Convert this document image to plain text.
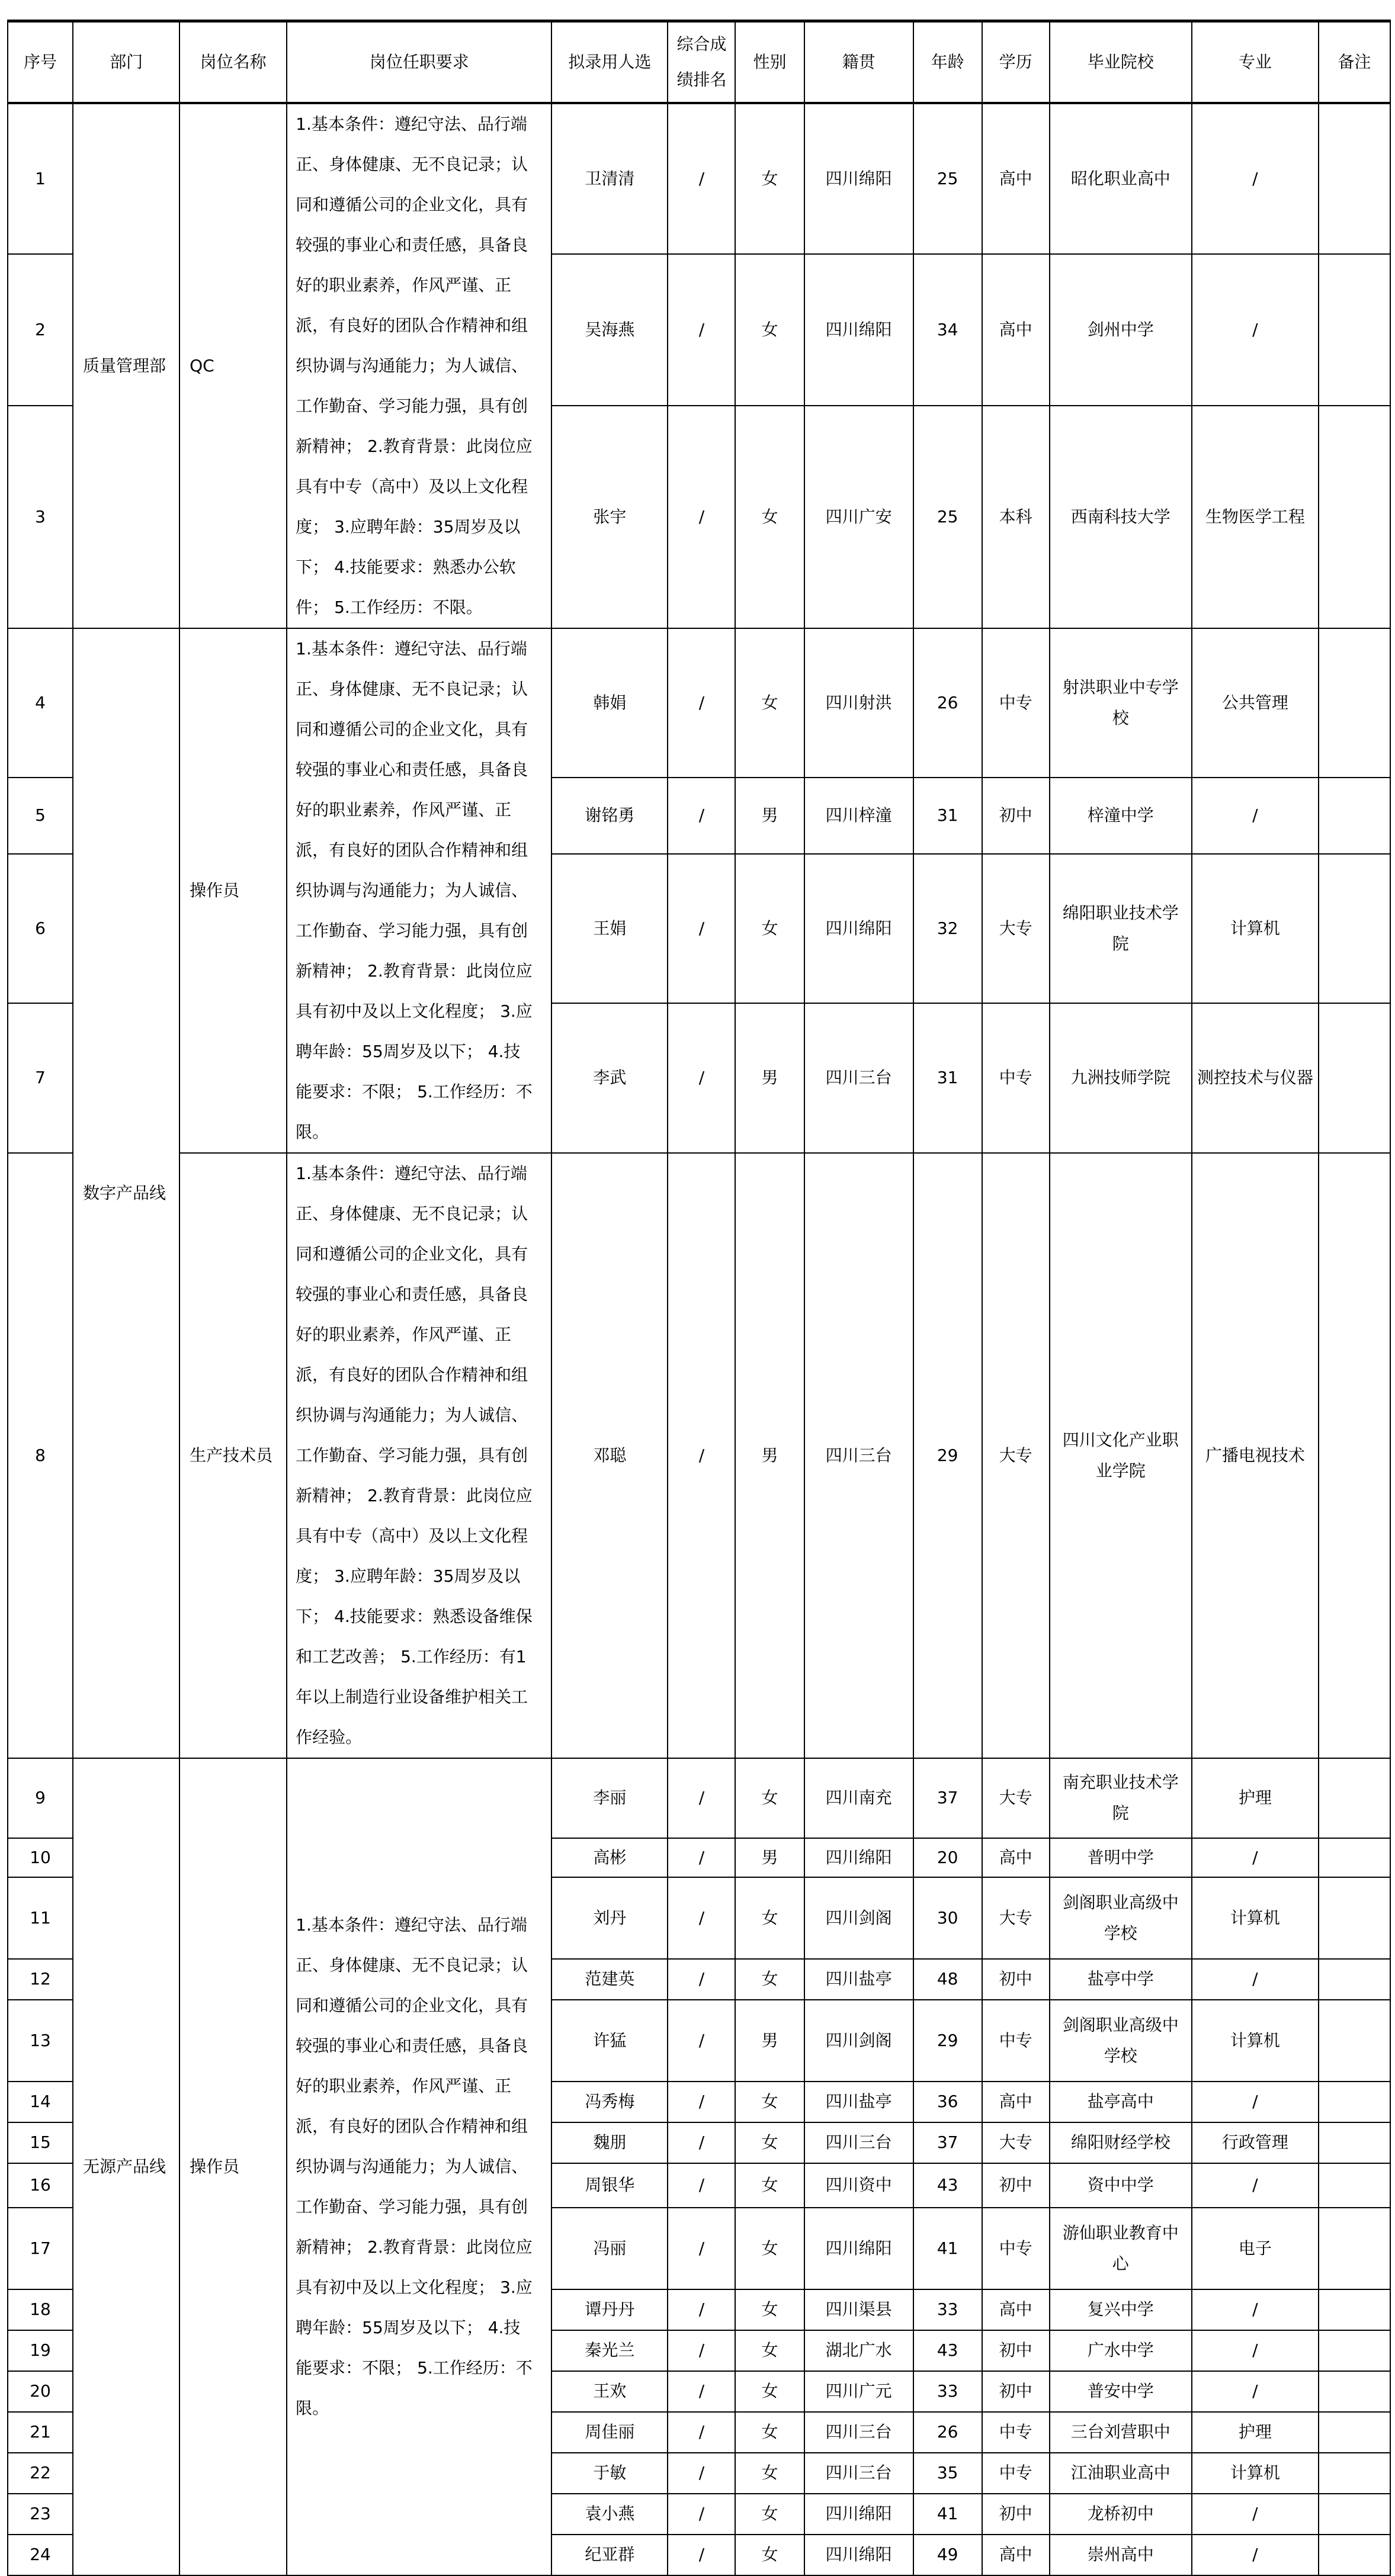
序号	部门	岗位名称	岗位任职要求	拟录用人选	综合成绩排名	性别	籍贯	年龄	学历	毕业院校	专业	备注
1	质量管理部	QC	1.基本条件：遵纪守法、品行端正、身体健康、无不良记录；认同和遵循公司的企业文化，具有较强的事业心和责任感，具备良好的职业素养，作风严谨、正派，有良好的团队合作精神和组织协调与沟通能力；为人诚信、工作勤奋、学习能力强，具有创新精神； 2.教育背景：此岗位应具有中专（高中）及以上文化程度； 3.应聘年龄：35周岁及以下； 4.技能要求：熟悉办公软件； 5.工作经历：不限。	卫清清	/	女	四川绵阳	25	高中	昭化职业高中	/	
2				吴海燕	/	女	四川绵阳	34	高中	剑州中学	/	
3				张宇	/	女	四川广安	25	本科	西南科技大学	生物医学工程	
4	数字产品线	操作员	1.基本条件：遵纪守法、品行端正、身体健康、无不良记录；认同和遵循公司的企业文化，具有较强的事业心和责任感，具备良好的职业素养，作风严谨、正派，有良好的团队合作精神和组织协调与沟通能力；为人诚信、工作勤奋、学习能力强，具有创新精神； 2.教育背景：此岗位应具有初中及以上文化程度； 3.应聘年龄：55周岁及以下； 4.技能要求：不限； 5.工作经历：不限。	韩娟	/	女	四川射洪	26	中专	射洪职业中专学校	公共管理	
5				谢铭勇	/	男	四川梓潼	31	初中	梓潼中学	/	
6				王娟	/	女	四川绵阳	32	大专	绵阳职业技术学院	计算机	
7				李武	/	男	四川三台	31	中专	九洲技师学院	测控技术与仪器	
8		生产技术员	1.基本条件：遵纪守法、品行端正、身体健康、无不良记录；认同和遵循公司的企业文化，具有较强的事业心和责任感，具备良好的职业素养，作风严谨、正派，有良好的团队合作精神和组织协调与沟通能力；为人诚信、工作勤奋、学习能力强，具有创新精神； 2.教育背景：此岗位应具有中专（高中）及以上文化程度； 3.应聘年龄：35周岁及以下； 4.技能要求：熟悉设备维保和工艺改善； 5.工作经历：有1年以上制造行业设备维护相关工作经验。	邓聪	/	男	四川三台	29	大专	四川文化产业职业学院	广播电视技术	
9	无源产品线	操作员	1.基本条件：遵纪守法、品行端正、身体健康、无不良记录；认同和遵循公司的企业文化，具有较强的事业心和责任感，具备良好的职业素养，作风严谨、正派，有良好的团队合作精神和组织协调与沟通能力；为人诚信、工作勤奋、学习能力强，具有创新精神； 2.教育背景：此岗位应具有初中及以上文化程度； 3.应聘年龄：55周岁及以下； 4.技能要求：不限； 5.工作经历：不限。	李丽	/	女	四川南充	37	大专	南充职业技术学院	护理	
10				高彬	/	男	四川绵阳	20	高中	普明中学	/	
11				刘丹	/	女	四川剑阁	30	大专	剑阁职业高级中学校	计算机	
12				范建英	/	女	四川盐亭	48	初中	盐亭中学	/	
13				许猛	/	男	四川剑阁	29	中专	剑阁职业高级中学校	计算机	
14				冯秀梅	/	女	四川盐亭	36	高中	盐亭高中	/	
15				魏朋	/	女	四川三台	37	大专	绵阳财经学校	行政管理	
16				周银华	/	女	四川资中	43	初中	资中中学	/	
17				冯丽	/	女	四川绵阳	41	中专	游仙职业教育中心	电子	
18				谭丹丹	/	女	四川渠县	33	高中	复兴中学	/	
19				秦光兰	/	女	湖北广水	43	初中	广水中学	/	
20				王欢	/	女	四川广元	33	初中	普安中学	/	
21				周佳丽	/	女	四川三台	26	中专	三台刘营职中	护理	
22				于敏	/	女	四川三台	35	中专	江油职业高中	计算机	
23				袁小燕	/	女	四川绵阳	41	初中	龙桥初中	/	
24				纪亚群	/	女	四川绵阳	49	高中	崇州高中	/	
